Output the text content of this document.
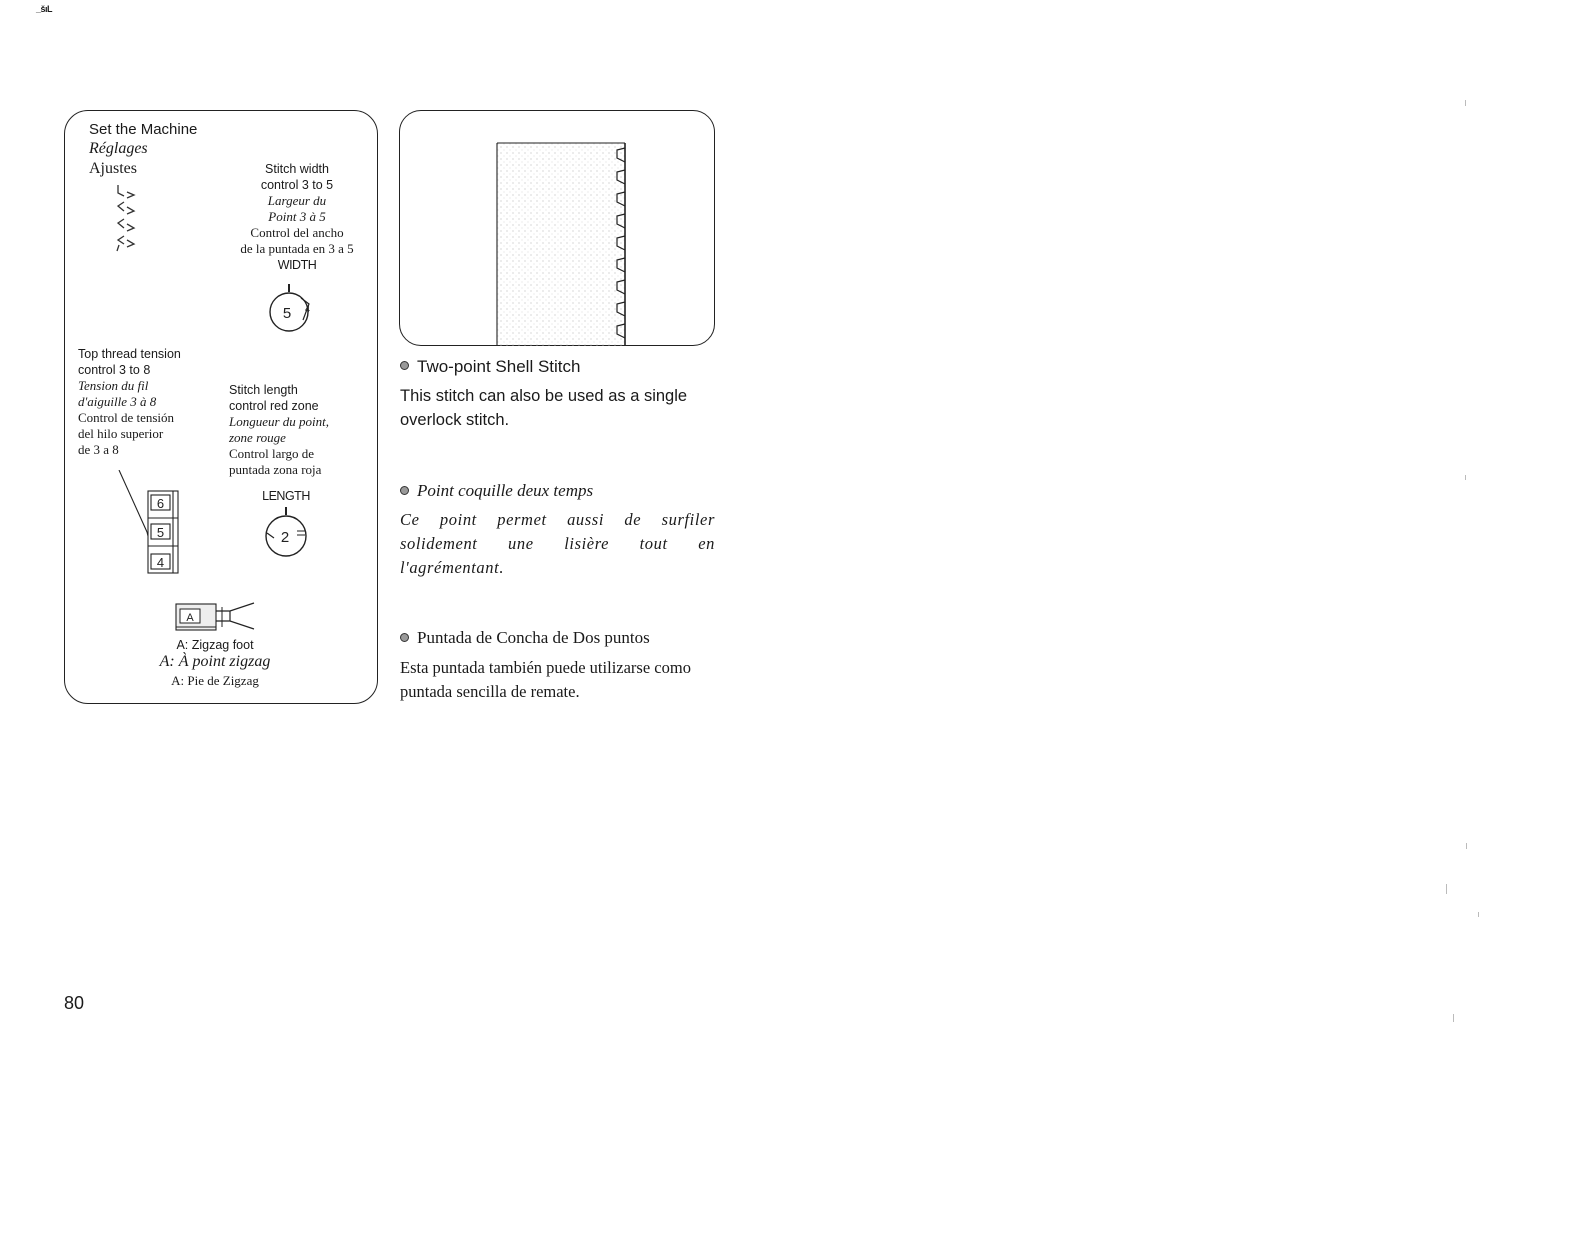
_šıL
Set the Machine
Réglages
Ajustes	Stitch width
control 3 to 5
Largeur du
Point 3 à 5
Control del ancho
de la puntada en 3 a 5
WIDTH
5 4
Top thread tension
control 3 to 8
Tension du fil
d'aiguille 3 à 8
Control de tensión
del hilo superior
de 3 a 8
6
5
4
Stitch length
control red zone
Longueur du point,
zone rouge
Control largo de
puntada zona roja
LENGTH
2
A
A: Zigzag foot
A: À point zigzag
A: Pie de Zigzag
Two-point Shell Stitch
This stitch can also be used as a single overlock stitch.
Point coquille deux temps
Ce point permet aussi de surfiler solidement une lisière tout en l'agrémentant.
Puntada de Concha de Dos puntos
Esta puntada también puede utilizarse como puntada sencilla de remate.
80
